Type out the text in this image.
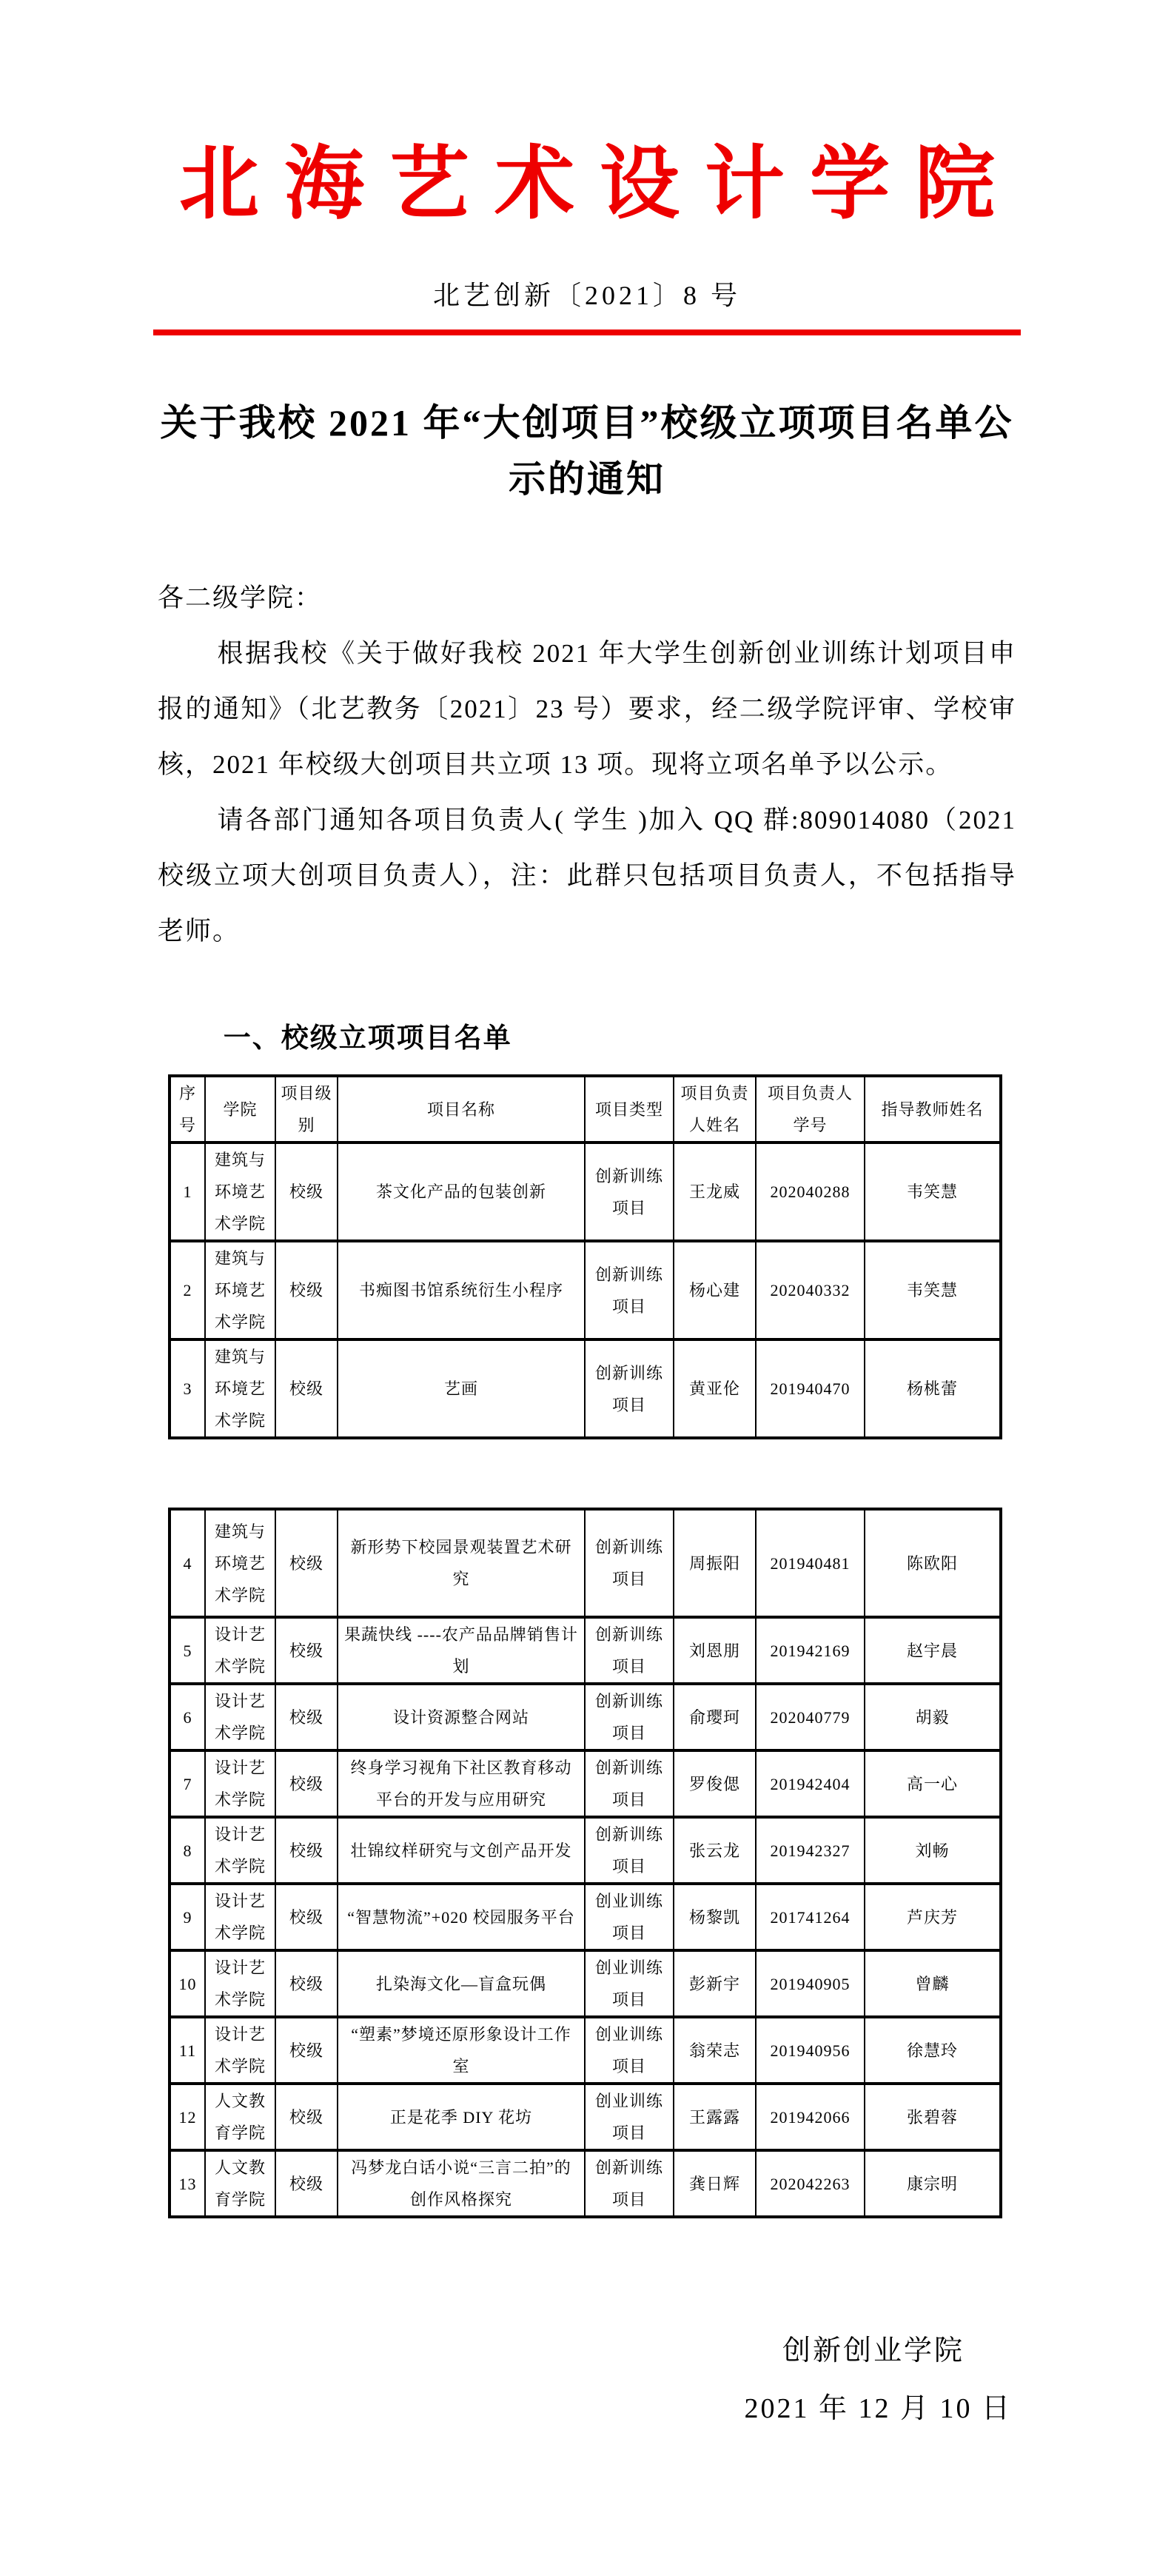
北海艺术设计学院
北艺创新〔2021〕8 号
关于我校 2021 年“大创项目”校级立项项目名单公示的通知

各二级学院：

根据我校《关于做好我校 2021 年大学生创新创业训练计划项目申报的通知》（北艺教务〔2021〕23 号）要求，经二级学院评审、学校审核，2021 年校级大创项目共立项 13 项。现将立项名单予以公示。

请各部门通知各项目负责人( 学生 )加入 QQ 群:809014080（2021 校级立项大创项目负责人），注：此群只包括项目负责人，不包括指导老师。

一、校级立项项目名单
序号	学院	项目级别	项目名称	项目类型	项目负责人姓名	项目负责人学号	指导教师姓名
1	建筑与环境艺术学院	校级	茶文化产品的包装创新	创新训练项目	王龙威	202040288	韦笑慧
2	建筑与环境艺术学院	校级	书痴图书馆系统衍生小程序	创新训练项目	杨心建	202040332	韦笑慧
3	建筑与环境艺术学院	校级	艺画	创新训练项目	黄亚伦	201940470	杨桃蕾
4	建筑与环境艺术学院	校级	新形势下校园景观装置艺术研究	创新训练项目	周振阳	201940481	陈欧阳
5	设计艺术学院	校级	果蔬快线 ----农产品品牌销售计划	创新训练项目	刘恩朋	201942169	赵宇晨
6	设计艺术学院	校级	设计资源整合网站	创新训练项目	俞璎珂	202040779	胡毅
7	设计艺术学院	校级	终身学习视角下社区教育移动平台的开发与应用研究	创新训练项目	罗俊偲	201942404	高一心
8	设计艺术学院	校级	壮锦纹样研究与文创产品开发	创新训练项目	张云龙	201942327	刘畅
9	设计艺术学院	校级	“智慧物流”+020 校园服务平台	创业训练项目	杨黎凯	201741264	芦庆芳
10	设计艺术学院	校级	扎染海文化—盲盒玩偶	创业训练项目	彭新宇	201940905	曾麟
11	设计艺术学院	校级	“塑素”梦境还原形象设计工作室	创业训练项目	翁荣志	201940956	徐慧玲
12	人文教育学院	校级	正是花季 DIY 花坊	创业训练项目	王露露	201942066	张碧蓉
13	人文教育学院	校级	冯梦龙白话小说“三言二拍”的创作风格探究	创新训练项目	龚日辉	202042263	康宗明
创新创业学院
2021 年 12 月 10 日
